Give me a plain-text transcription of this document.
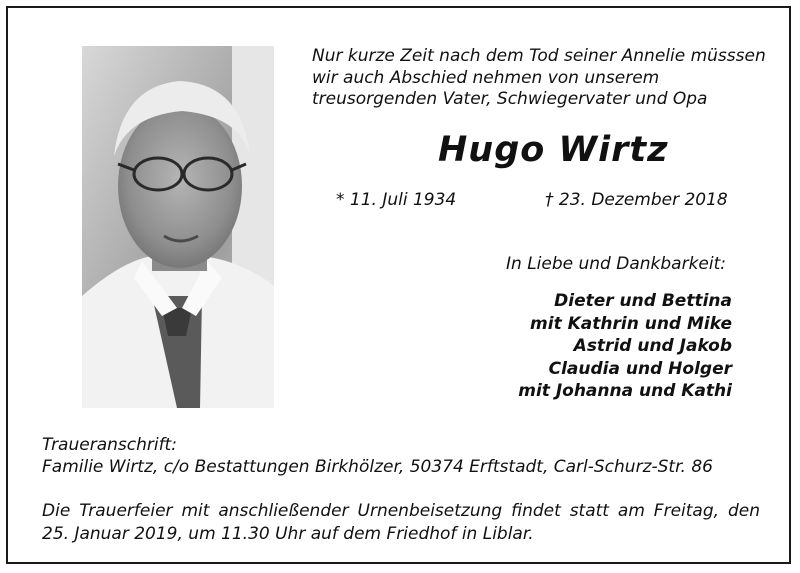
Nur kurze Zeit nach dem Tod seiner Annelie müsssen wir auch Abschied nehmen von unserem treusorgenden Vater, Schwiegervater und Opa
Hugo Wirtz
* 11. Juli 1934	† 23. Dezember 2018
In Liebe und Dankbarkeit:
Dieter und Bettina
mit Kathrin und Mike
Astrid und Jakob
Claudia und Holger
mit Johanna und Kathi
Traueranschrift:
Familie Wirtz, c/o Bestattungen Birkhölzer, 50374 Erftstadt, Carl-Schurz-Str. 86
Die Trauerfeier mit anschließender Urnenbeisetzung findet statt am Freitag, den 25. Januar 2019, um 11.30 Uhr auf dem Friedhof in Liblar.
